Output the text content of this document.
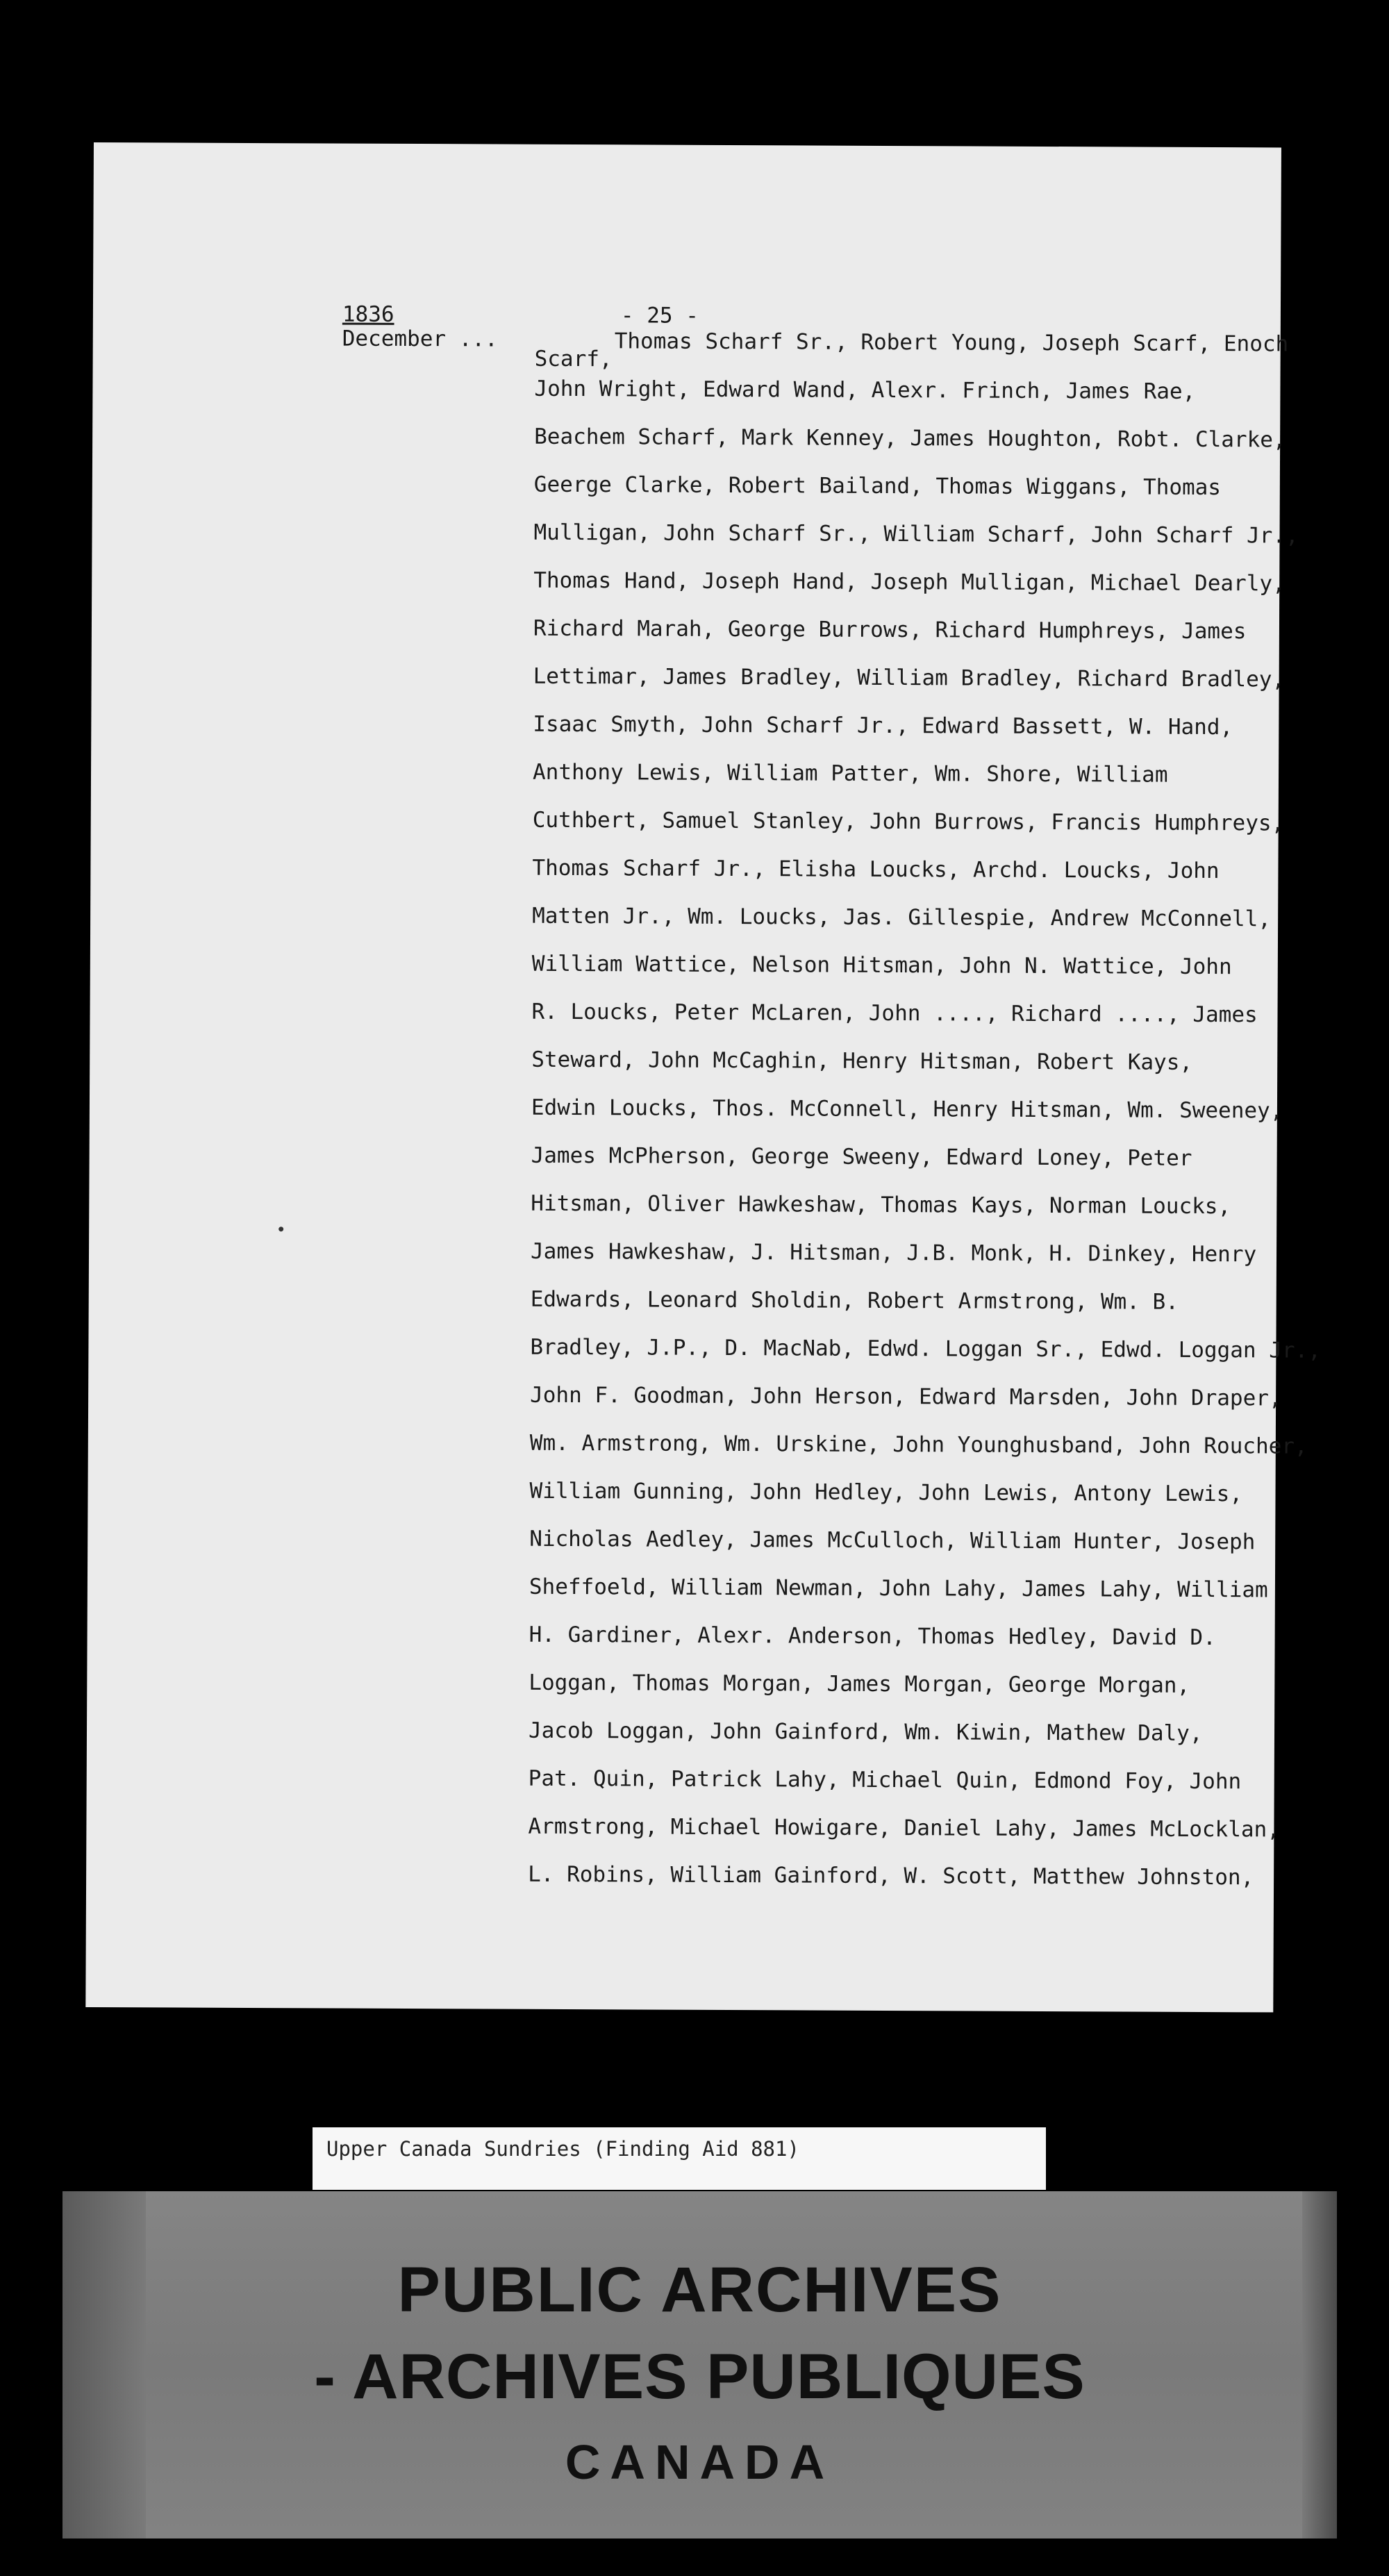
1836
December ...
- 25 -
Thomas Scharf Sr., Robert Young, Joseph Scarf, Enoch
Scarf,
John Wright, Edward Wand, Alexr. Frinch, James Rae,
Beachem Scharf, Mark Kenney, James Houghton, Robt. Clarke,
Geerge Clarke, Robert Bailand, Thomas Wiggans, Thomas
Mulligan, John Scharf Sr., William Scharf, John Scharf Jr.,
Thomas Hand, Joseph Hand, Joseph Mulligan, Michael Dearly,
Richard Marah, George Burrows, Richard Humphreys, James
Lettimar, James Bradley, William Bradley, Richard Bradley,
Isaac Smyth, John Scharf Jr., Edward Bassett, W. Hand,
Anthony Lewis, William Patter, Wm. Shore, William
Cuthbert, Samuel Stanley, John Burrows, Francis Humphreys,
Thomas Scharf Jr., Elisha Loucks, Archd. Loucks, John
Matten Jr., Wm. Loucks, Jas. Gillespie, Andrew McConnell,
William Wattice, Nelson Hitsman, John N. Wattice, John
R. Loucks, Peter McLaren, John ...., Richard ...., James
Steward, John McCaghin, Henry Hitsman, Robert Kays,
Edwin Loucks, Thos. McConnell, Henry Hitsman, Wm. Sweeney,
James McPherson, George Sweeny, Edward Loney, Peter
Hitsman, Oliver Hawkeshaw, Thomas Kays, Norman Loucks,
James Hawkeshaw, J. Hitsman, J.B. Monk, H. Dinkey, Henry
Edwards, Leonard Sholdin, Robert Armstrong, Wm. B.
Bradley, J.P., D. MacNab, Edwd. Loggan Sr., Edwd. Loggan Jr.,
John F. Goodman, John Herson, Edward Marsden, John Draper,
Wm. Armstrong, Wm. Urskine, John Younghusband, John Roucher,
William Gunning, John Hedley, John Lewis, Antony Lewis,
Nicholas Aedley, James McCulloch, William Hunter, Joseph
Sheffoeld, William Newman, John Lahy, James Lahy, William
H. Gardiner, Alexr. Anderson, Thomas Hedley, David D.
Loggan, Thomas Morgan, James Morgan, George Morgan,
Jacob Loggan, John Gainford, Wm. Kiwin, Mathew Daly,
Pat. Quin, Patrick Lahy, Michael Quin, Edmond Foy, John
Armstrong, Michael Howigare, Daniel Lahy, James McLocklan,
L. Robins, William Gainford, W. Scott, Matthew Johnston,
Upper Canada Sundries (Finding Aid 881)
PUBLIC ARCHIVES
- ARCHIVES PUBLIQUES
CANADA
